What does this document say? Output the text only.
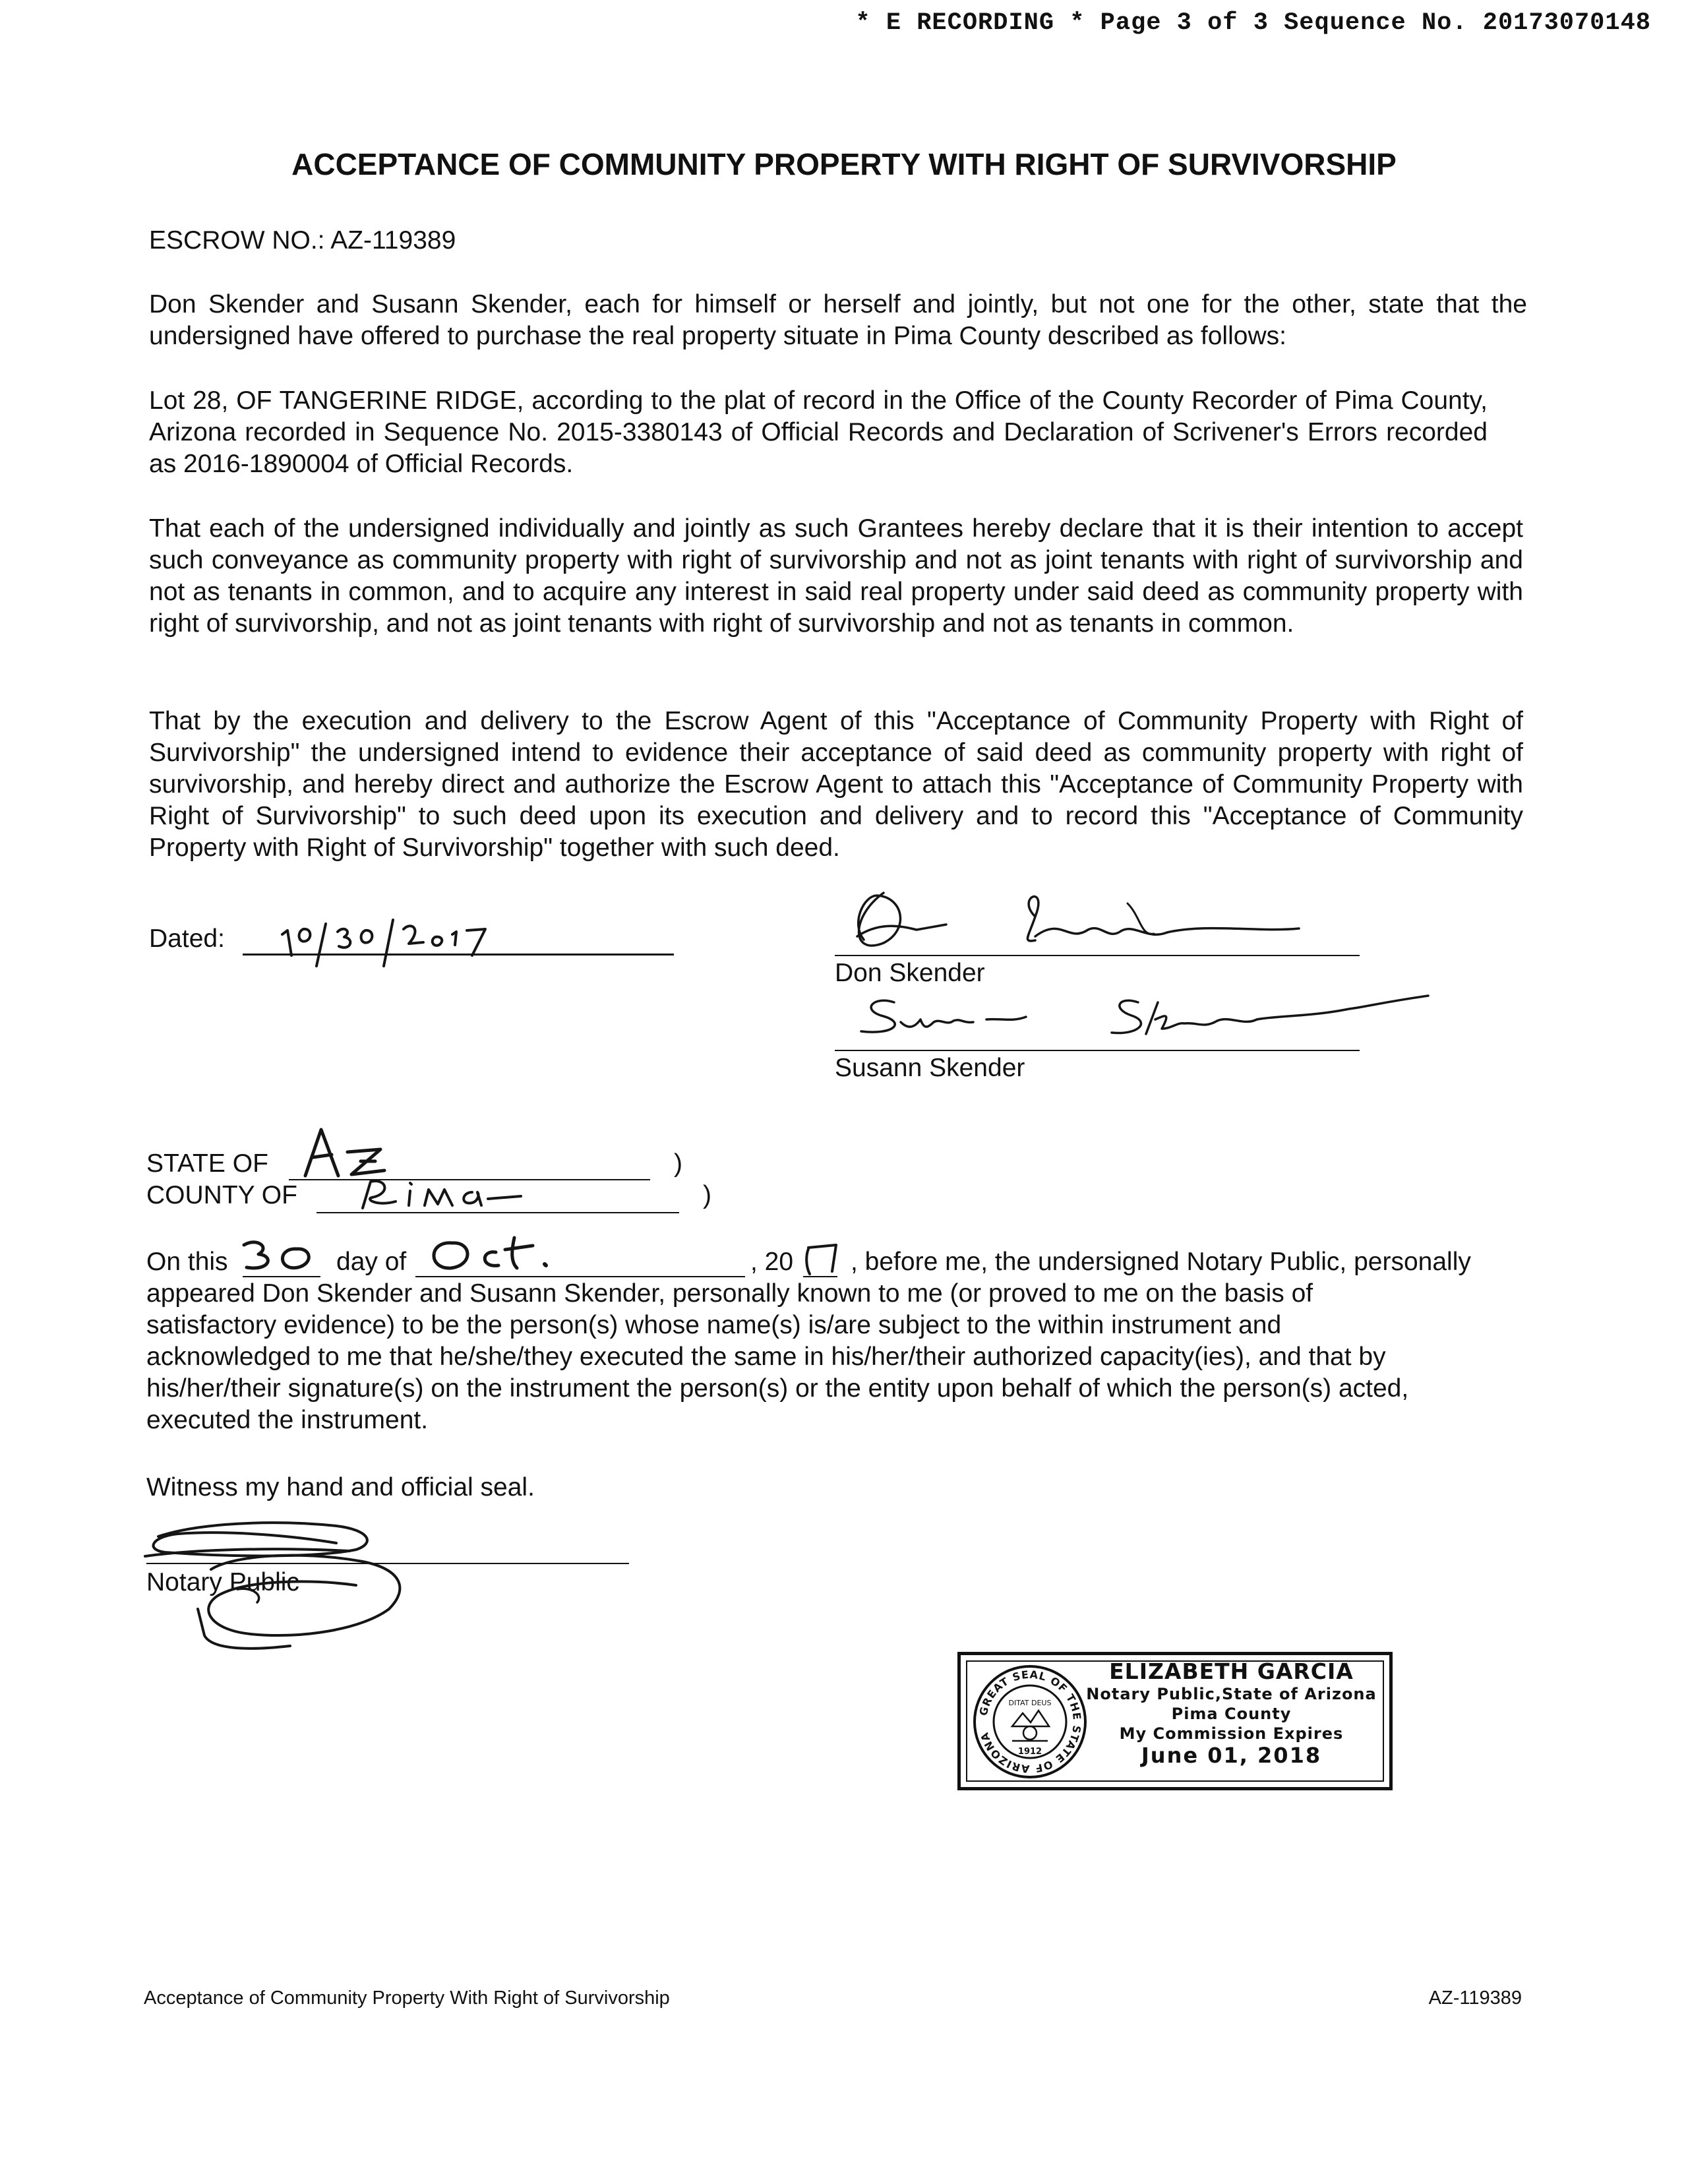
* E RECORDING * Page 3 of 3 Sequence No. 20173070148
ACCEPTANCE OF COMMUNITY PROPERTY WITH RIGHT OF SURVIVORSHIP
ESCROW NO.: AZ-119389
Don Skender and Susann Skender, each for himself or herself and jointly, but not one for the other, state that the undersigned have offered to purchase the real property situate in Pima County described as follows:
Lot 28, OF TANGERINE RIDGE, according to the plat of record in the Office of the County Recorder of Pima County, Arizona recorded in Sequence No. 2015-3380143 of Official Records and Declaration of Scrivener's Errors recorded as 2016-1890004 of Official Records.
That each of the undersigned individually and jointly as such Grantees hereby declare that it is their intention to accept such conveyance as community property with right of survivorship and not as joint tenants with right of survivorship and not as tenants in common, and to acquire any interest in said real property under said deed as community property with right of survivorship, and not as joint tenants with right of survivorship and not as tenants in common.
That by the execution and delivery to the Escrow Agent of this "Acceptance of Community Property with Right of Survivorship" the undersigned intend to evidence their acceptance of said deed as community property with right of survivorship, and hereby direct and authorize the Escrow Agent to attach this "Acceptance of Community Property with Right of Survivorship" to such deed upon its execution and delivery and to record this "Acceptance of Community Property with Right of Survivorship" together with such deed.
Dated:
Don Skender
Susann Skender
STATE OF	)
COUNTY OF	)
On this	day of	, 20 , before me, the undersigned Notary Public, personally
appeared Don Skender and Susann Skender, personally known to me (or proved to me on the basis of
satisfactory evidence) to be the person(s) whose name(s) is/are subject to the within instrument and
acknowledged to me that he/she/they executed the same in his/her/their authorized capacity(ies), and that by
his/her/their signature(s) on the instrument the person(s) or the entity upon behalf of which the person(s) acted,
executed the instrument.
Witness my hand and official seal.
Notary Public
GREAT SEAL OF THE STATE OF ARIZONA
DITAT DEUS
1912
ELIZABETH GARCIA
Notary Public,State of Arizona
Pima County
My Commission Expires
June 01, 2018
Acceptance of Community Property With Right of Survivorship	AZ-119389
